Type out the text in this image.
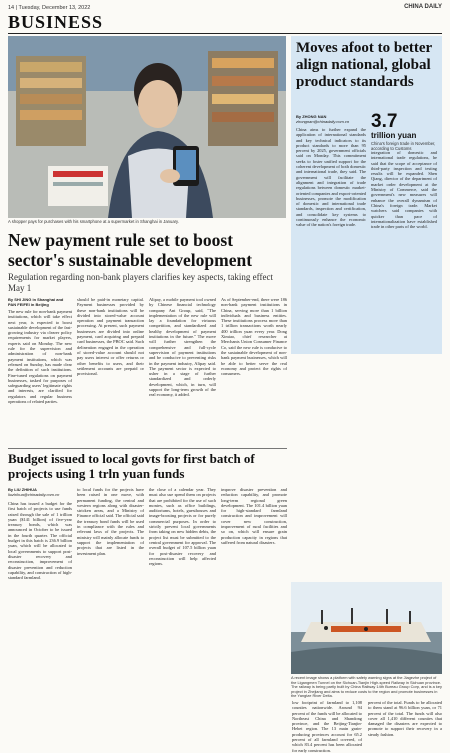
14 | Tuesday, December 13, 2022	CHINA DAILY
BUSINESS
A shopper pays for purchases with his smartphone at a supermarket in Shanghai in January.
New payment rule set to boost sector's sustainable development
Regulation regarding non-bank players clarifies key aspects, taking effect May 1
By SHI JING in Shanghai and PAN FEIFEI in Beijing
The new rule for non-bank payment institutions, which will take effect next year, is expected to boost sustainable development of the fast-growing industry via clearer policy requirements for market players, experts said on Monday. The new rule for the supervision and administration of non-bank payment institutions, which was released on Sunday, has made clear the definition of such institutions. Fine-tuned regulations on payment businesses, tasked for purposes of safeguarding users' legitimate rights and interests, are clarified for regulators and regular business operations of related parties.
should be paid-in monetary capital. Payment businesses provided by these non-bank institutions will be divided into stored-value account operation and payment transaction processing. At present, such payment businesses are divided into online payment, card acquiring and prepaid card businesses, the PBOC said. Such delineation engaged in the operation of stored-value account should not pay users interest or offer returns or other benefits to users, and their settlement accounts are prepaid or provisional.
Alipay, a mobile payment tool owned by Chinese financial technology company Ant Group, said, "The implementation of the new rule will lay a foundation for virtuous competition, and standardized and healthy development of payment institutions in the future." The move will further strengthen the comprehensive and full-cycle supervision of payment institutions and be conducive to preventing risks in the payment industry, Alipay said. The payment sector is expected to usher in a stage of further standardized and orderly development, which, in turn, will support the long-term growth of the real economy, it added.
As of September-end, there were 186 non-bank payment institutions in China, serving more than 1 billion individuals and business entities. These institutions process more than 1 trillion transactions worth nearly 400 trillion yuan every year. Dong Ximiao, chief researcher at Merchants Union Consumer Finance Co, said the new rule is conducive to the sustainable development of non-bank payment businesses, which will be able to better serve the real economy and protect the rights of consumers.
Moves afoot to better align national, global product standards
By ZHONG NAN
zhongnan@chinadaily.com.cn
China aims to further expand the application of international standards and key technical indicators to its product standards to more than 95 percent by 2025, government officials said on Monday. This commitment seeks to foster unified support for the coherent development of both domestic and international trade, they said. The government will facilitate the alignment and integration of trade regulations between domestic market-oriented companies and export-oriented businesses, promote the modification of domestic and international trade standards, inspection and certification, and consolidate key systems to continuously enhance the economic value of the nation's foreign trade.
3.7
trillion yuan
China's foreign trade in November, according to Customs
integration of domestic and international trade regulations, he said that the scope of acceptance of third-party inspection and testing results will be expanded. Shen Qiang, director of the department of market order development at the Ministry of Commerce, said the government's new measures will enhance the overall dynamism of China's foreign trade. Market watchers said companies with quicker than pace of internationalization have established trade in other parts of the world.
Budget issued to local govts for first batch of projects using 1 trln yuan funds
By LIU ZHIHUA
liuzhihua@chinadaily.com.cn
China has issued a budget for the first batch of projects to use funds raised through the sale of 1 trillion yuan ($141 billion) of five-year treasury bonds, which was announced in October to be issued in the fourth quarter. The official budget in this batch is 236.9 billion yuan, which will be allocated to local governments to support post-disaster recovery and reconstruction, improvement of disaster prevention and reduction capability, and construction of high-standard farmland.
to local funds for the projects have been raised in one move, with permanent funding, the central and western regions along with disaster-stricken areas, and a Ministry of Finance official said. The official said the treasury bond funds will be used in compliance with the rules and relevant laws of the projects. The ministry will mainly allocate funds to support the implementation of projects that are listed in the investment plan.
the close of a calendar year. They must also use spend them on projects that are prohibited for the use of such monies, such as office buildings, auditoriums, hotels, guesthouses and image-boosting projects or for purely commercial purposes. In order to strictly prevent local governments from taking on new hidden debts, the project list must be submitted to the central government for approval. The overall budget of 107.5 billion yuan for post-disaster recovery and reconstruction will help affected regions.
improve disaster prevention and reduction capability, and promote long-term regional green development. The 101.4 billion yuan for high-standard farmland construction and improvement will cover new construction, improvement of rural facilities and so on, which will ensure grain production capacity in regions that suffered from natural disasters.
A recent image shows a platform with safety warning signs at the Jiagezhe project of the Ligangmen Tunnel on the Sichuan-Tianjin High-speed Railway in Sichuan province. The railway is being partly built by China Railway 14th Bureau Group Corp, and is a key project in Zhejiang and aims to reduce costs to the region and promote businesses in the Yangtze River Delta.
low footprint of farmland to 1,108 counties nationwide. Around 94 percent of the funds will be allocated to Northeast China and Shandong province, and the Beijing-Tianjin-Hebei region. The 13 main grain-producing provinces account for 65.2 percent of all farmland covered, of which 83.4 percent has been allocated for early construction.
percent of the total. Funds to be allocated to them stand at 96.6 billion yuan, or 71 percent of the total. The funds will also cover all 1,410 different counties that damaged the disasters are expected to promote to support their recovery in a steady fashion.
